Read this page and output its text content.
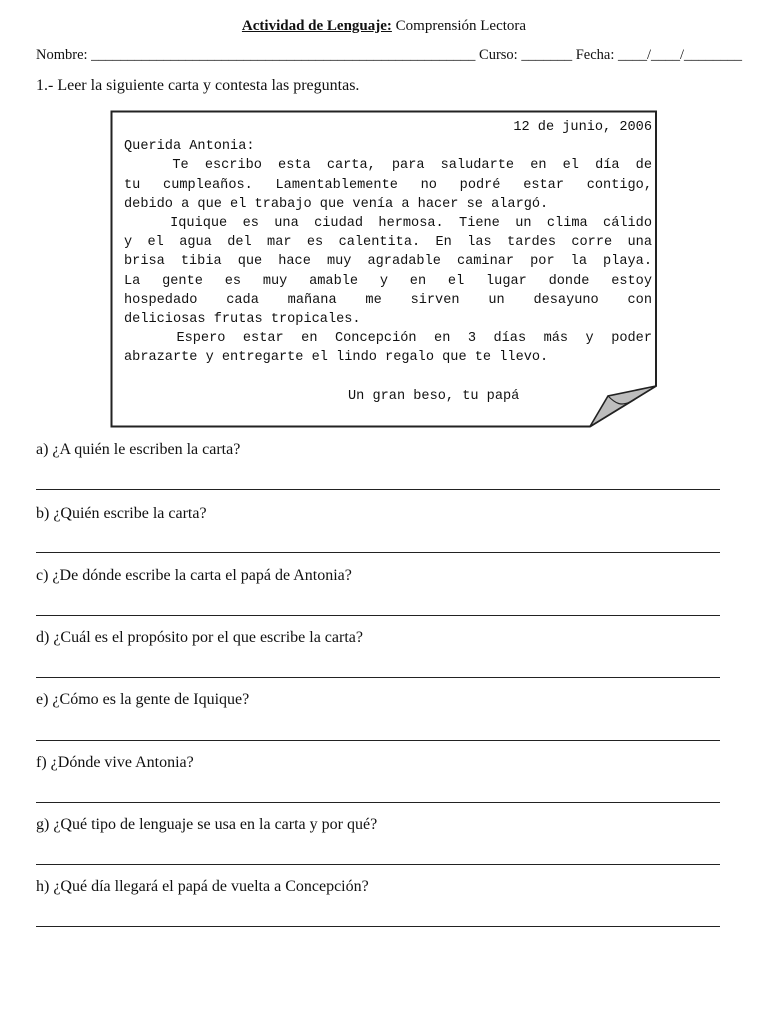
Actividad de Lenguaje: Comprensión Lectora
Nombre: _____________________________________________________ Curso: _______ Fecha: ____/____/________
1.- Leer la siguiente carta y contesta las preguntas.
12 de junio, 2006
Querida Antonia:
Te escribo esta carta, para saludarte en el día de
tu cumpleaños. Lamentablemente no podré estar contigo,
debido a que el trabajo que venía a hacer se alargó.
Iquique es una ciudad hermosa. Tiene un clima cálido
y el agua del mar es calentita. En las tardes corre una
brisa tibia que hace muy agradable caminar por la playa.
La gente es muy amable y en el lugar donde estoy
hospedado cada mañana me sirven un desayuno con
deliciosas frutas tropicales.
Espero estar en Concepción en 3 días más y poder
abrazarte y entregarte el lindo regalo que te llevo.
Un gran beso, tu papá
a) ¿A quién le escriben la carta?
b) ¿Quién escribe la carta?
c) ¿De dónde escribe la carta el papá de Antonia?
d) ¿Cuál es el propósito por el que escribe la carta?
e) ¿Cómo es la gente de Iquique?
f) ¿Dónde vive Antonia?
g) ¿Qué tipo de lenguaje se usa en la carta y por qué?
h) ¿Qué día llegará el papá de vuelta a Concepción?
